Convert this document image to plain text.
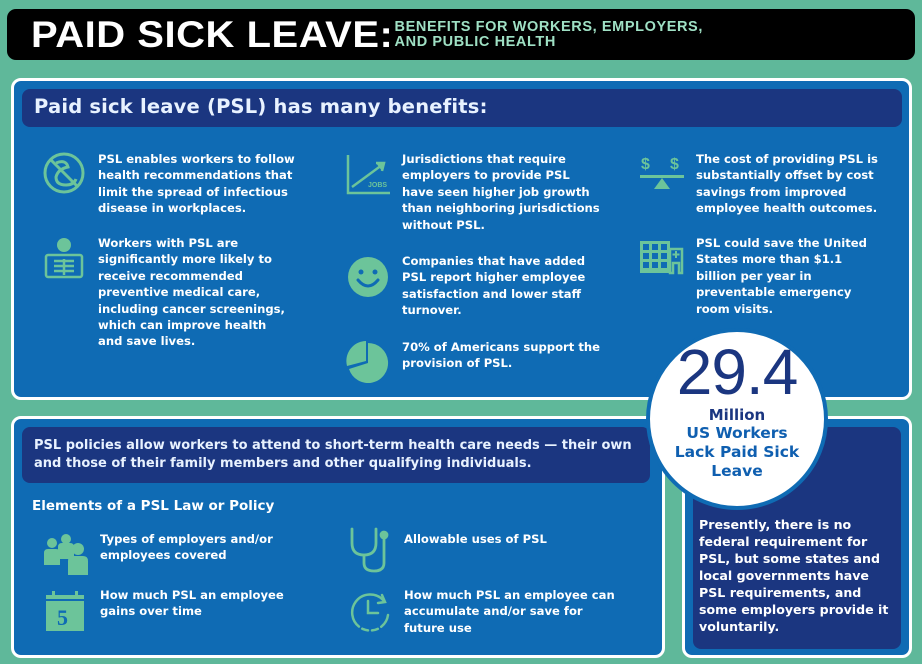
PAID SICK LEAVE: BENEFITS FOR WORKERS, EMPLOYERS,
AND PUBLIC HEALTH
Paid sick leave (PSL) has many benefits:
PSL enables workers to follow health recommendations that limit the spread of infectious disease in workplaces.
Workers with PSL are significantly more likely to receive recommended preventive medical care, including cancer screenings, which can improve health and save lives.
JOBS
Jurisdictions that require employers to provide PSL have seen higher job growth than neighboring jurisdictions without PSL.
Companies that have added PSL report higher employee satisfaction and lower staff turnover.
70% of Americans support the provision of PSL.
$ $ The cost of providing PSL is substantially offset by cost savings from improved employee health outcomes.
PSL could save the United States more than $1.1 billion per year in preventable emergency room visits.
PSL policies allow workers to attend to short-term health care needs — their own and those of their family members and other qualifying individuals.
Elements of a PSL Law or Policy
Types of employers and/or employees covered
5
How much PSL an employee gains over time
Allowable uses of PSL
How much PSL an employee can accumulate and/or save for future use
Presently, there is no federal requirement for PSL, but some states and local governments have PSL requirements, and some employers provide it voluntarily.
29.4
Million
US Workers
Lack Paid Sick
Leave
